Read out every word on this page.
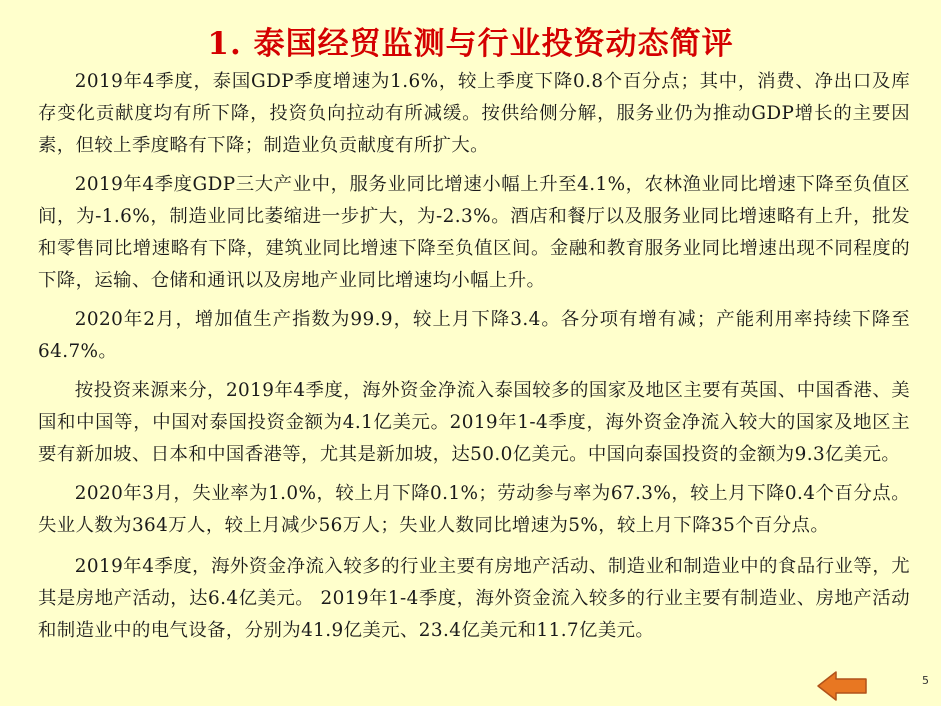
1. 泰国经贸监测与行业投资动态简评

2019年4季度，泰国GDP季度增速为1.6%，较上季度下降0.8个百分点；其中，消费、净出口及库存变化贡献度均有所下降，投资负向拉动有所减缓。按供给侧分解，服务业仍为推动GDP增长的主要因素，但较上季度略有下降；制造业负贡献度有所扩大。

2019年4季度GDP三大产业中，服务业同比增速小幅上升至4.1%，农林渔业同比增速下降至负值区间，为-1.6%，制造业同比萎缩进一步扩大，为-2.3%。酒店和餐厅以及服务业同比增速略有上升，批发和零售同比增速略有下降，建筑业同比增速下降至负值区间。金融和教育服务业同比增速出现不同程度的下降，运输、仓储和通讯以及房地产业同比增速均小幅上升。

2020年2月，增加值生产指数为99.9，较上月下降3.4。各分项有增有减；产能利用率持续下降至64.7%。

按投资来源来分，2019年4季度，海外资金净流入泰国较多的国家及地区主要有英国、中国香港、美国和中国等，中国对泰国投资金额为4.1亿美元。2019年1-4季度，海外资金净流入较大的国家及地区主要有新加坡、日本和中国香港等，尤其是新加坡，达50.0亿美元。中国向泰国投资的金额为9.3亿美元。

2020年3月，失业率为1.0%，较上月下降0.1%；劳动参与率为67.3%，较上月下降0.4个百分点。失业人数为364万人，较上月减少56万人；失业人数同比增速为5%，较上月下降35个百分点。

2019年4季度，海外资金净流入较多的行业主要有房地产活动、制造业和制造业中的食品行业等，尤其是房地产活动，达6.4亿美元。 2019年1-4季度，海外资金流入较多的行业主要有制造业、房地产活动和制造业中的电气设备，分别为41.9亿美元、23.4亿美元和11.7亿美元。

5
